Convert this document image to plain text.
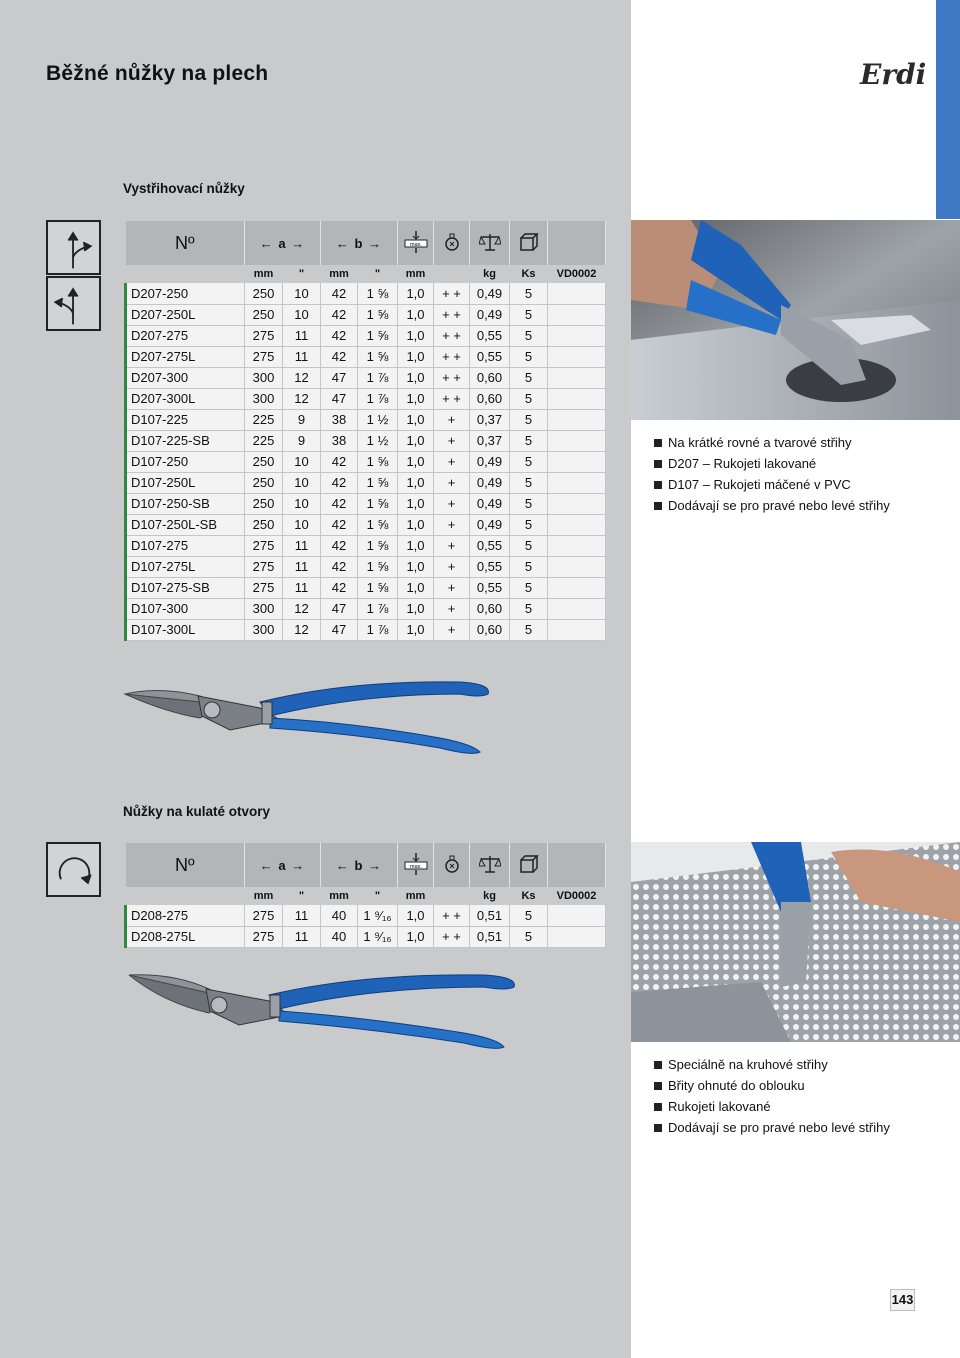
Běžné nůžky na plech	Erdi
Vystřihovací nůžky
Nº	← a →		← b →		max.

	mm	"	mm	"	mm		kg	Ks	VD0002
D207-250	250	10	42	1 ⅝	1,0	+ +	0,49	5	
D207-250L	250	10	42	1 ⅝	1,0	+ +	0,49	5	
D207-275	275	11	42	1 ⅝	1,0	+ +	0,55	5	
D207-275L	275	11	42	1 ⅝	1,0	+ +	0,55	5	
D207-300	300	12	47	1 ⅞	1,0	+ +	0,60	5	
D207-300L	300	12	47	1 ⅞	1,0	+ +	0,60	5	
D107-225	225	9	38	1 ½	1,0	+	0,37	5	
D107-225-SB	225	9	38	1 ½	1,0	+	0,37	5	
D107-250	250	10	42	1 ⅝	1,0	+	0,49	5	
D107-250L	250	10	42	1 ⅝	1,0	+	0,49	5	
D107-250-SB	250	10	42	1 ⅝	1,0	+	0,49	5	
D107-250L-SB	250	10	42	1 ⅝	1,0	+	0,49	5	
D107-275	275	11	42	1 ⅝	1,0	+	0,55	5	
D107-275L	275	11	42	1 ⅝	1,0	+	0,55	5	
D107-275-SB	275	11	42	1 ⅝	1,0	+	0,55	5	
D107-300	300	12	47	1 ⅞	1,0	+	0,60	5	
D107-300L	300	12	47	1 ⅞	1,0	+	0,60	5	
Na krátké rovné a tvarové střihy
D207 – Rukojeti lakované
D107 – Rukojeti máčené v PVC
Dodávají se pro pravé nebo levé střihy
Nůžky na kulaté otvory
Nº	← a →		← b →		max.

	mm	"	mm	"	mm		kg	Ks	VD0002
D208-275	275	11	40	1 ⁹⁄₁₆	1,0	+ +	0,51	5	
D208-275L	275	11	40	1 ⁹⁄₁₆	1,0	+ +	0,51	5	
Speciálně na kruhové střihy
Břity ohnuté do oblouku
Rukojeti lakované
Dodávají se pro pravé nebo levé střihy
143
